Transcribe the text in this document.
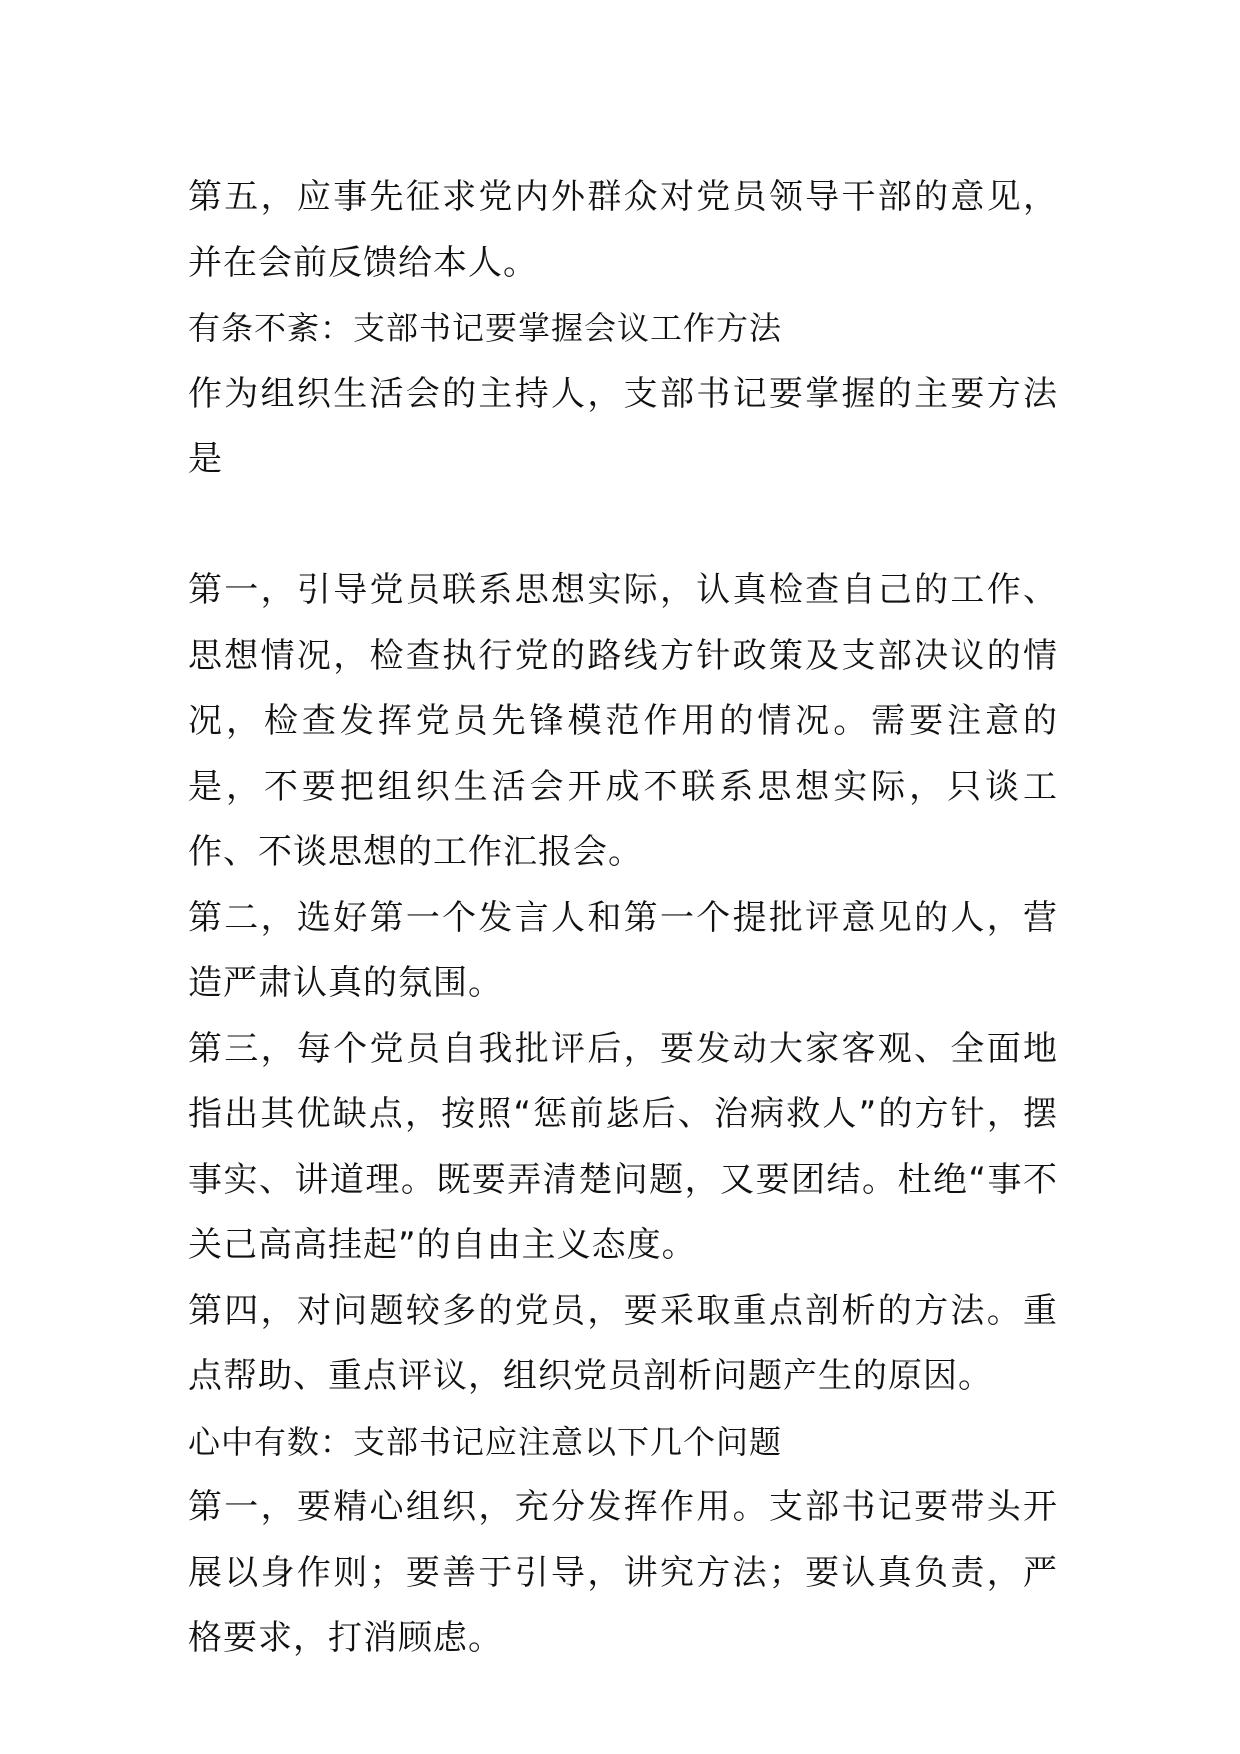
第五，应事先征求党内外群众对党员领导干部的意见，并在会前反馈给本人。

有条不紊：支部书记要掌握会议工作方法

作为组织生活会的主持人，支部书记要掌握的主要方法是

第一，引导党员联系思想实际，认真检查自己的工作、思想情况，检查执行党的路线方针政策及支部决议的情况，检查发挥党员先锋模范作用的情况。需要注意的是，不要把组织生活会开成不联系思想实际，只谈工作、不谈思想的工作汇报会。

第二，选好第一个发言人和第一个提批评意见的人，营造严肃认真的氛围。

第三，每个党员自我批评后，要发动大家客观、全面地指出其优缺点，按照“惩前毖后、治病救人”的方针，摆事实、讲道理。既要弄清楚问题，又要团结。杜绝“事不关己高高挂起”的自由主义态度。

第四，对问题较多的党员，要采取重点剖析的方法。重点帮助、重点评议，组织党员剖析问题产生的原因。

心中有数：支部书记应注意以下几个问题

第一，要精心组织，充分发挥作用。支部书记要带头开展以身作则；要善于引导，讲究方法；要认真负责，严格要求，打消顾虑。
